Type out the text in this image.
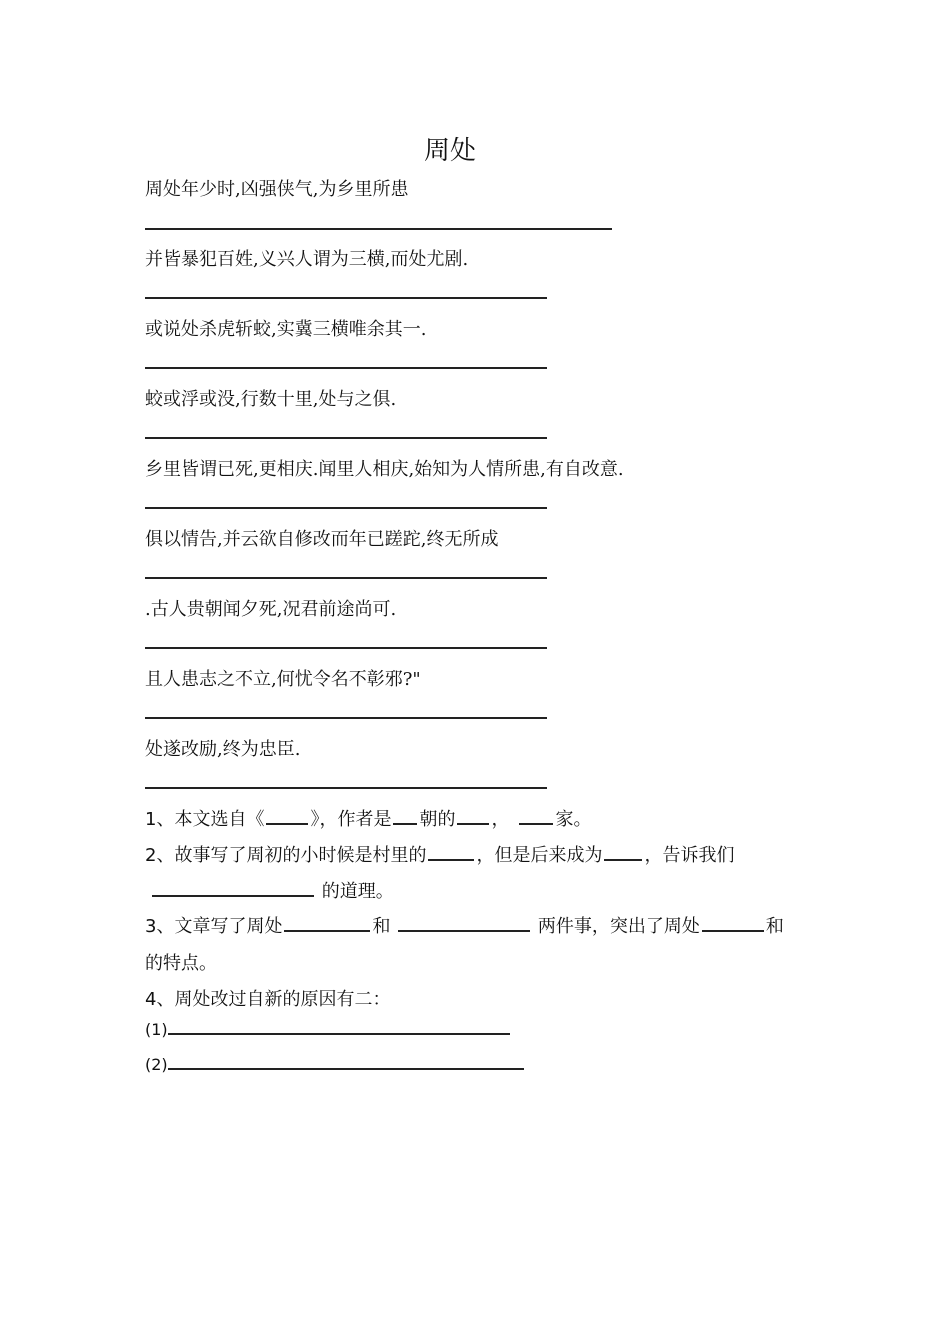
周处
周处年少时,凶强侠气,为乡里所患
并皆暴犯百姓,义兴人谓为三横,而处尤剧.
或说处杀虎斩蛟,实冀三横唯余其一.
蛟或浮或没,行数十里,处与之俱.
乡里皆谓已死,更相庆.闻里人相庆,始知为人情所患,有自改意.
俱以情告,并云欲自修改而年已蹉跎,终无所成
.古人贵朝闻夕死,况君前途尚可.
且人患志之不立,何忧令名不彰邪?"
处遂改励,终为忠臣.
1、本文选自《	》，作者是 朝的 ，	家。
2、故事写了周初的小时候是村里的	，但是后来成为 ，告诉我们
的道理。
3、文章写了周处	和	两件事，突出了周处	和
的特点。
4、周处改过自新的原因有二：
(1)
(2)
